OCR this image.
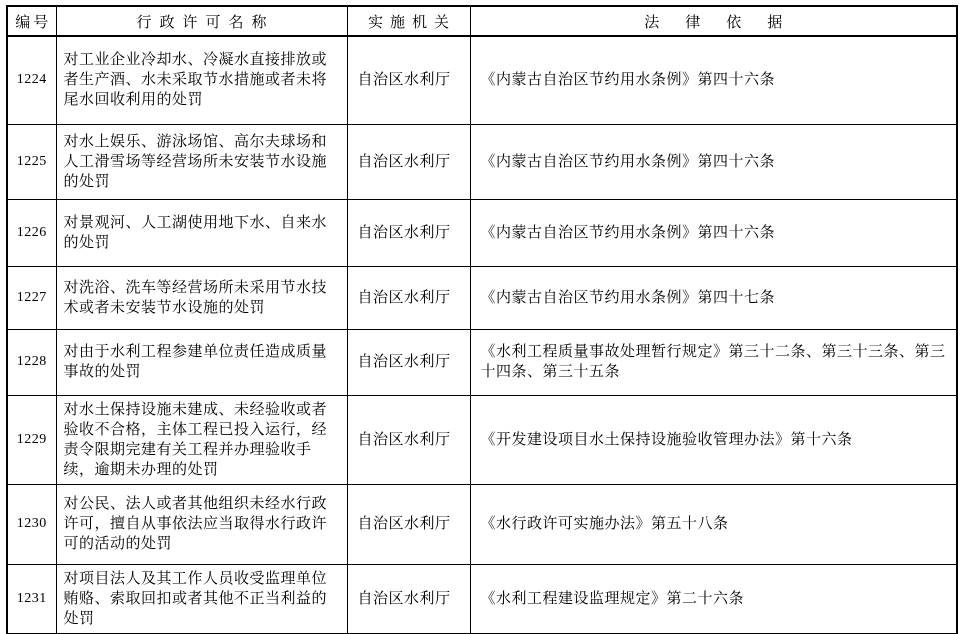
编号	行政许可名称	实施机关	法律依据
1224	对工业企业冷却水、冷凝水直接排放或者生产酒、水未采取节水措施或者未将尾水回收利用的处罚	自治区水利厅	《内蒙古自治区节约用水条例》第四十六条
1225	对水上娱乐、游泳场馆、高尔夫球场和人工滑雪场等经营场所未安装节水设施的处罚	自治区水利厅	《内蒙古自治区节约用水条例》第四十六条
1226	对景观河、人工湖使用地下水、自来水的处罚	自治区水利厅	《内蒙古自治区节约用水条例》第四十六条
1227	对洗浴、洗车等经营场所未采用节水技术或者未安装节水设施的处罚	自治区水利厅	《内蒙古自治区节约用水条例》第四十七条
1228	对由于水利工程参建单位责任造成质量事故的处罚	自治区水利厅	《水利工程质量事故处理暂行规定》第三十二条、第三十三条、第三十四条、第三十五条
1229	对水土保持设施未建成、未经验收或者验收不合格，主体工程已投入运行，经责令限期完建有关工程并办理验收手续，逾期未办理的处罚	自治区水利厅	《开发建设项目水土保持设施验收管理办法》第十六条
1230	对公民、法人或者其他组织未经水行政许可，擅自从事依法应当取得水行政许可的活动的处罚	自治区水利厅	《水行政许可实施办法》第五十八条
1231	对项目法人及其工作人员收受监理单位贿赂、索取回扣或者其他不正当利益的处罚	自治区水利厅	《水利工程建设监理规定》第二十六条
